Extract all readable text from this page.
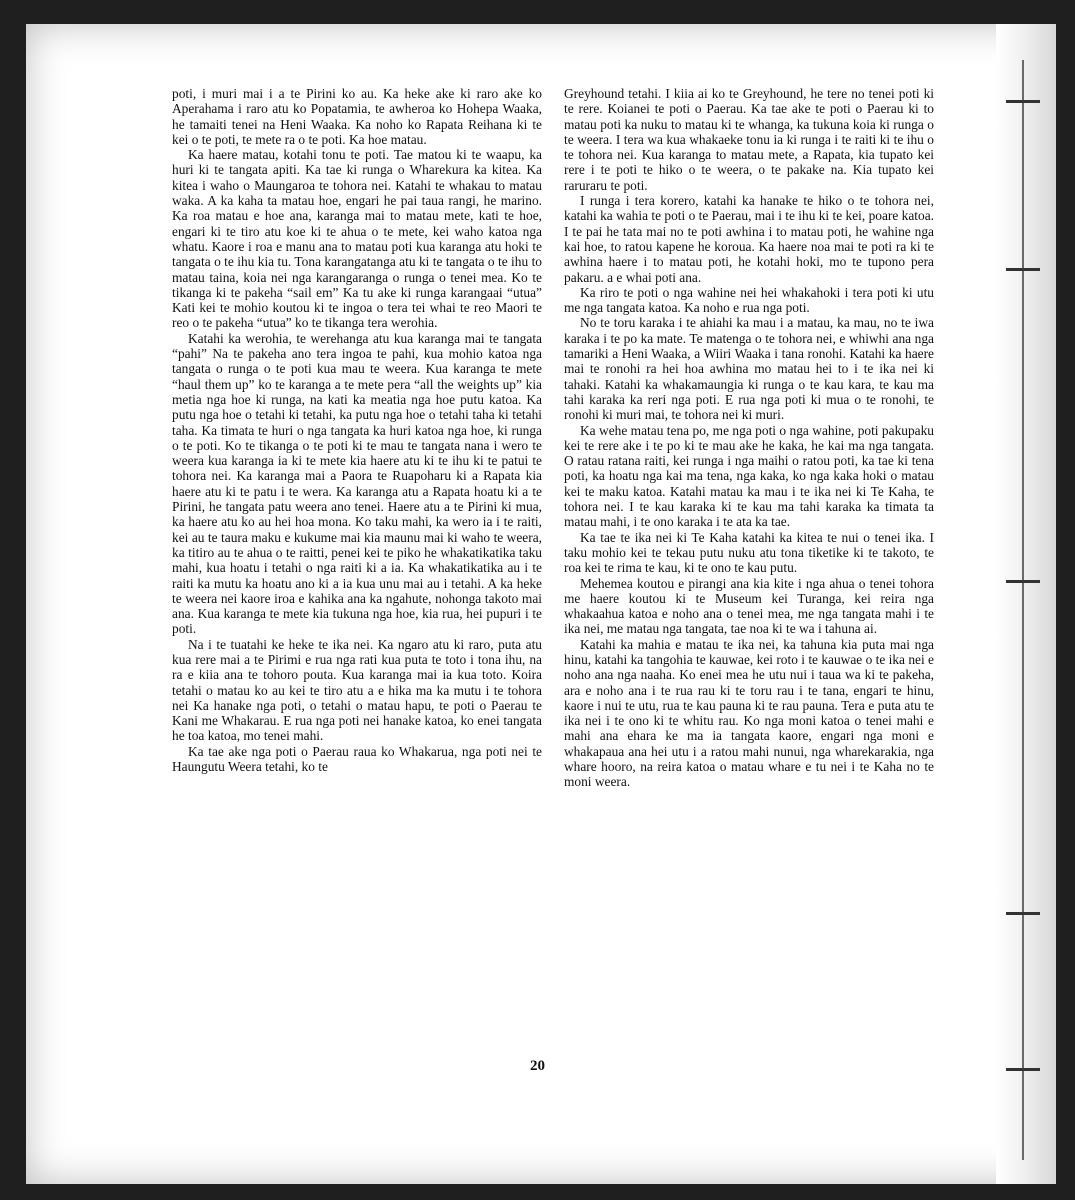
poti, i muri mai i a te Pirini ko au. Ka heke ake ki raro ake ko Aperahama i raro atu ko Popatamia, te awheroa ko Hohepa Waaka, he tamaiti tenei na Heni Waaka. Ka noho ko Rapata Reihana ki te kei o te poti, te mete ra o te poti. Ka hoe matau.

Ka haere matau, kotahi tonu te poti. Tae matou ki te waapu, ka huri ki te tangata apiti. Ka tae ki runga o Wharekura ka kitea. Ka kitea i waho o Maungaroa te tohora nei. Katahi te whakau to matau waka. A ka kaha ta matau hoe, engari he pai taua rangi, he marino. Ka roa matau e hoe ana, karanga mai to matau mete, kati te hoe, engari ki te tiro atu koe ki te ahua o te mete, kei waho katoa nga whatu. Kaore i roa e manu ana to matau poti kua karanga atu hoki te tangata o te ihu kia tu. Tona karangatanga atu ki te tangata o te ihu to matau taina, koia nei nga karangaranga o runga o tenei mea. Ko te tikanga ki te pakeha “sail em” Ka tu ake ki runga karangaai “utua” Kati kei te mohio koutou ki te ingoa o tera tei whai te reo Maori te reo o te pakeha “utua” ko te tikanga tera werohia.

Katahi ka werohia, te werehanga atu kua karanga mai te tangata “pahi” Na te pakeha ano tera ingoa te pahi, kua mohio katoa nga tangata o runga o te poti kua mau te weera. Kua karanga te mete “haul them up” ko te karanga a te mete pera “all the weights up” kia metia nga hoe ki runga, na kati ka meatia nga hoe putu katoa. Ka putu nga hoe o tetahi ki tetahi, ka putu nga hoe o tetahi taha ki tetahi taha. Ka timata te huri o nga tangata ka huri katoa nga hoe, ki runga o te poti. Ko te tikanga o te poti ki te mau te tangata nana i wero te weera kua karanga ia ki te mete kia haere atu ki te ihu ki te patui te tohora nei. Ka karanga mai a Paora te Ruapoharu ki a Rapata kia haere atu ki te patu i te wera. Ka karanga atu a Rapata hoatu ki a te Pirini, he tangata patu weera ano tenei. Haere atu a te Pirini ki mua, ka haere atu ko au hei hoa mona. Ko taku mahi, ka wero ia i te raiti, kei au te taura maku e kukume mai kia maunu mai ki waho te weera, ka titiro au te ahua o te raitti, penei kei te piko he whakatikatika taku mahi, kua hoatu i tetahi o nga raiti ki a ia. Ka whakatikatika au i te raiti ka mutu ka hoatu ano ki a ia kua unu mai au i tetahi. A ka heke te weera nei kaore iroa e kahika ana ka ngahute, nohonga takoto mai ana. Kua karanga te mete kia tukuna nga hoe, kia rua, hei pupuri i te poti.

Na i te tuatahi ke heke te ika nei. Ka ngaro atu ki raro, puta atu kua rere mai a te Pirimi e rua nga rati kua puta te toto i tona ihu, na ra e kiia ana te tohoro pouta. Kua karanga mai ia kua toto. Koira tetahi o matau ko au kei te tiro atu a e hika ma ka mutu i te tohora nei Ka hanake nga poti, o tetahi o matau hapu, te poti o Paerau te Kani me Whakarau. E rua nga poti nei hanake katoa, ko enei tangata he toa katoa, mo tenei mahi.

Ka tae ake nga poti o Paerau raua ko Whakarua, nga poti nei te Haungutu Weera tetahi, ko te

Greyhound tetahi. I kiia ai ko te Greyhound, he tere no tenei poti ki te rere. Koianei te poti o Paerau. Ka tae ake te poti o Paerau ki to matau poti ka nuku to matau ki te whanga, ka tukuna koia ki runga o te weera. I tera wa kua whakaeke tonu ia ki runga i te raiti ki te ihu o te tohora nei. Kua karanga to matau mete, a Rapata, kia tupato kei rere i te poti te hiko o te weera, o te pakake na. Kia tupato kei raruraru te poti.

I runga i tera korero, katahi ka hanake te hiko o te tohora nei, katahi ka wahia te poti o te Paerau, mai i te ihu ki te kei, poare katoa. I te pai he tata mai no te poti awhina i to matau poti, he wahine nga kai hoe, to ratou kapene he koroua. Ka haere noa mai te poti ra ki te awhina haere i to matau poti, he kotahi hoki, mo te tupono pera pakaru. a e whai poti ana.

Ka riro te poti o nga wahine nei hei whakahoki i tera poti ki utu me nga tangata katoa. Ka noho e rua nga poti.

No te toru karaka i te ahiahi ka mau i a matau, ka mau, no te iwa karaka i te po ka mate. Te matenga o te tohora nei, e whiwhi ana nga tamariki a Heni Waaka, a Wiiri Waaka i tana ronohi. Katahi ka haere mai te ronohi ra hei hoa awhina mo matau hei to i te ika nei ki tahaki. Katahi ka whakamaungia ki runga o te kau kara, te kau ma tahi karaka ka reri nga poti. E rua nga poti ki mua o te ronohi, te ronohi ki muri mai, te tohora nei ki muri.

Ka wehe matau tena po, me nga poti o nga wahine, poti pakupaku kei te rere ake i te po ki te mau ake he kaka, he kai ma nga tangata. O ratau ratana raiti, kei runga i nga maihi o ratou poti, ka tae ki tena poti, ka hoatu nga kai ma tena, nga kaka, ko nga kaka hoki o matau kei te maku katoa. Katahi matau ka mau i te ika nei ki Te Kaha, te tohora nei. I te kau karaka ki te kau ma tahi karaka ka timata ta matau mahi, i te ono karaka i te ata ka tae.

Ka tae te ika nei ki Te Kaha katahi ka kitea te nui o tenei ika. I taku mohio kei te tekau putu nuku atu tona tiketike ki te takoto, te roa kei te rima te kau, ki te ono te kau putu.

Mehemea koutou e pirangi ana kia kite i nga ahua o tenei tohora me haere koutou ki te Museum kei Turanga, kei reira nga whakaahua katoa e noho ana o tenei mea, me nga tangata mahi i te ika nei, me matau nga tangata, tae noa ki te wa i tahuna ai.

Katahi ka mahia e matau te ika nei, ka tahuna kia puta mai nga hinu, katahi ka tangohia te kauwae, kei roto i te kauwae o te ika nei e noho ana nga naaha. Ko enei mea he utu nui i taua wa ki te pakeha, ara e noho ana i te rua rau ki te toru rau i te tana, engari te hinu, kaore i nui te utu, rua te kau pauna ki te rau pauna. Tera e puta atu te ika nei i te ono ki te whitu rau. Ko nga moni katoa o tenei mahi e mahi ana ehara ke ma ia tangata kaore, engari nga moni e whakapaua ana hei utu i a ratou mahi nunui, nga wharekarakia, nga whare hooro, na reira katoa o matau whare e tu nei i te Kaha no te moni weera.

20
